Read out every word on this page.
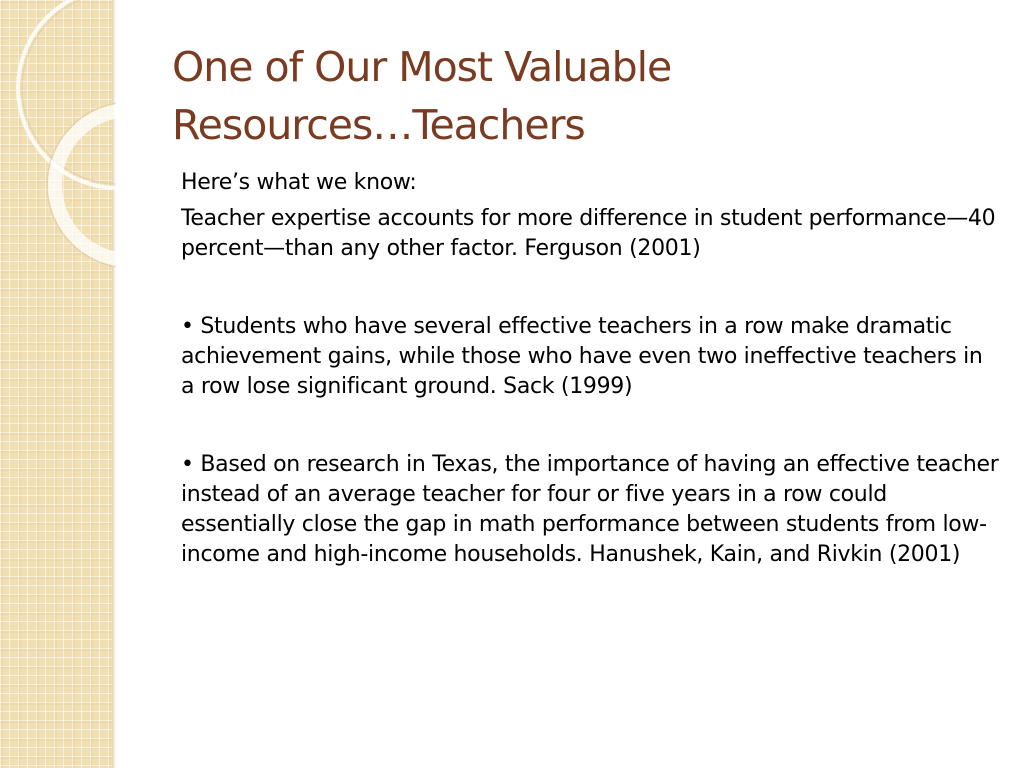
One of Our Most Valuable
Resources…Teachers

Here’s what we know:

Teacher expertise accounts for more difference in student performance—40 percent—than any other factor. Ferguson (2001)

• Students who have several effective teachers in a row make dramatic achievement gains, while those who have even two ineffective teachers in a row lose significant ground. Sack (1999)

• Based on research in Texas, the importance of having an effective teacher instead of an average teacher for four or five years in a row could essentially close the gap in math performance between students from low-income and high-income households. Hanushek, Kain, and Rivkin (2001)
